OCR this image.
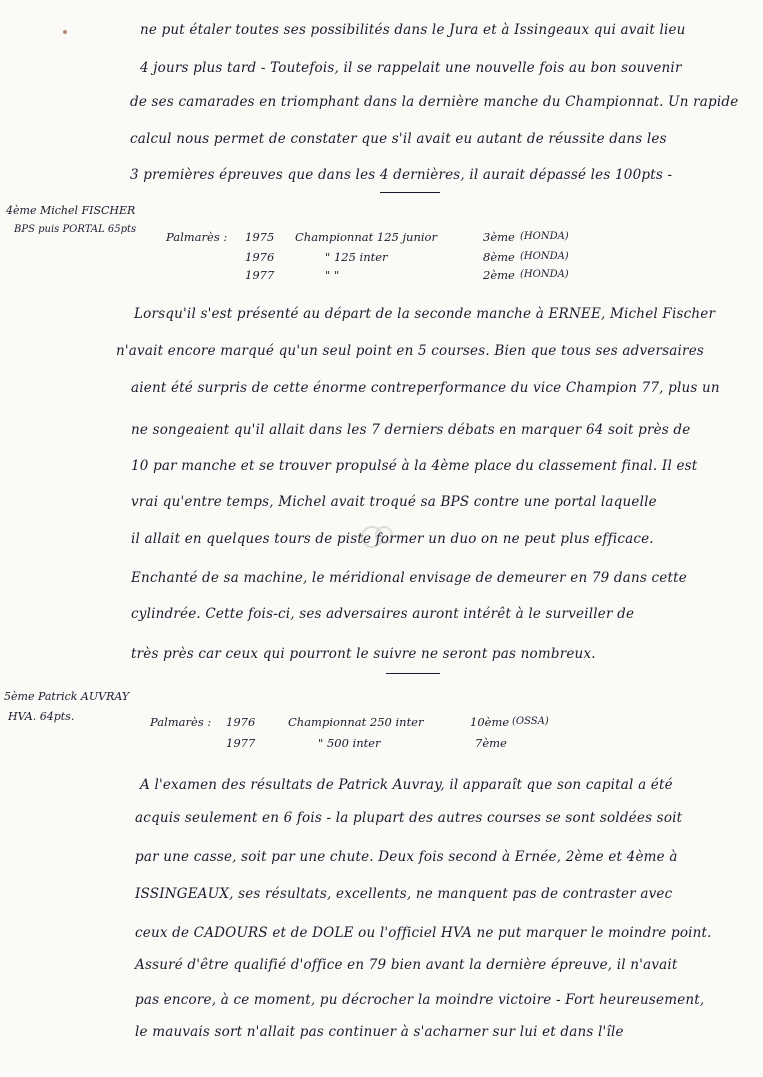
ne put étaler toutes ses possibilités dans le Jura et à Issingeaux qui avait lieu
4 jours plus tard - Toutefois, il se rappelait une nouvelle fois au bon souvenir
de ses camarades en triomphant dans la dernière manche du Championnat. Un rapide
calcul nous permet de constater que s'il avait eu autant de réussite dans les
3 premières épreuves que dans les 4 dernières, il aurait dépassé les 100pts -
4ème Michel FISCHER
BPS puis PORTAL 65pts
Palmarès : 1975 Championnat 125 junior	3ème (HONDA)
1976	" 125 inter	8ème (HONDA)
1977	" "	2ème (HONDA)
Lorsqu'il s'est présenté au départ de la seconde manche à ERNEE, Michel Fischer
n'avait encore marqué qu'un seul point en 5 courses. Bien que tous ses adversaires
aient été surpris de cette énorme contreperformance du vice Champion 77, plus un
ne songeaient qu'il allait dans les 7 derniers débats en marquer 64 soit près de
10 par manche et se trouver propulsé à la 4ème place du classement final. Il est
vrai qu'entre temps, Michel avait troqué sa BPS contre une portal laquelle
il allait en quelques tours de piste former un duo on ne peut plus efficace.
Enchanté de sa machine, le méridional envisage de demeurer en 79 dans cette
cylindrée. Cette fois-ci, ses adversaires auront intérêt à le surveiller de
très près car ceux qui pourront le suivre ne seront pas nombreux.
5ème Patrick AUVRAY
HVA. 64pts.	Palmarès : 1976	Championnat 250 inter	10ème (OSSA)
1977	" 500 inter	7ème
A l'examen des résultats de Patrick Auvray, il apparaît que son capital a été
acquis seulement en 6 fois - la plupart des autres courses se sont soldées soit
par une casse, soit par une chute. Deux fois second à Ernée, 2ème et 4ème à
ISSINGEAUX, ses résultats, excellents, ne manquent pas de contraster avec
ceux de CADOURS et de DOLE ou l'officiel HVA ne put marquer le moindre point.
Assuré d'être qualifié d'office en 79 bien avant la dernière épreuve, il n'avait
pas encore, à ce moment, pu décrocher la moindre victoire - Fort heureusement,
le mauvais sort n'allait pas continuer à s'acharner sur lui et dans l'île
